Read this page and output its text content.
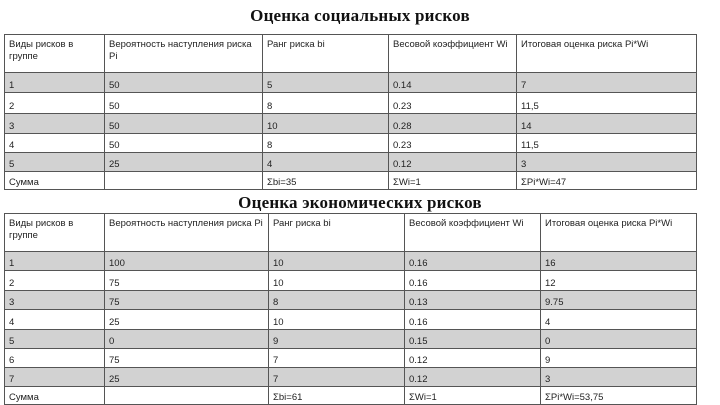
Оценка социальных рисков
Виды рисков в группе	Вероятность наступления риска Pi	Ранг риска bi	Весовой коэффициент Wi	Итоговая оценка риска Pi*Wi
1	50	5	0.14	7
2	50	8	0.23	11,5
3	50	10	0.28	14
4	50	8	0.23	11,5
5	25	4	0.12	3
Сумма		Σbi=35	ΣWi=1	ΣPi*Wi=47
Оценка экономических рисков
Виды рисков в группе	Вероятность наступления риска Pi	Ранг риска bi	Весовой коэффициент Wi	Итоговая оценка риска Pi*Wi
1	100	10	0.16	16
2	75	10	0.16	12
3	75	8	0.13	9.75
4	25	10	0.16	4
5	0	9	0.15	0
6	75	7	0.12	9
7	25	7	0.12	3
Сумма		Σbi=61	ΣWi=1	ΣPi*Wi=53,75
